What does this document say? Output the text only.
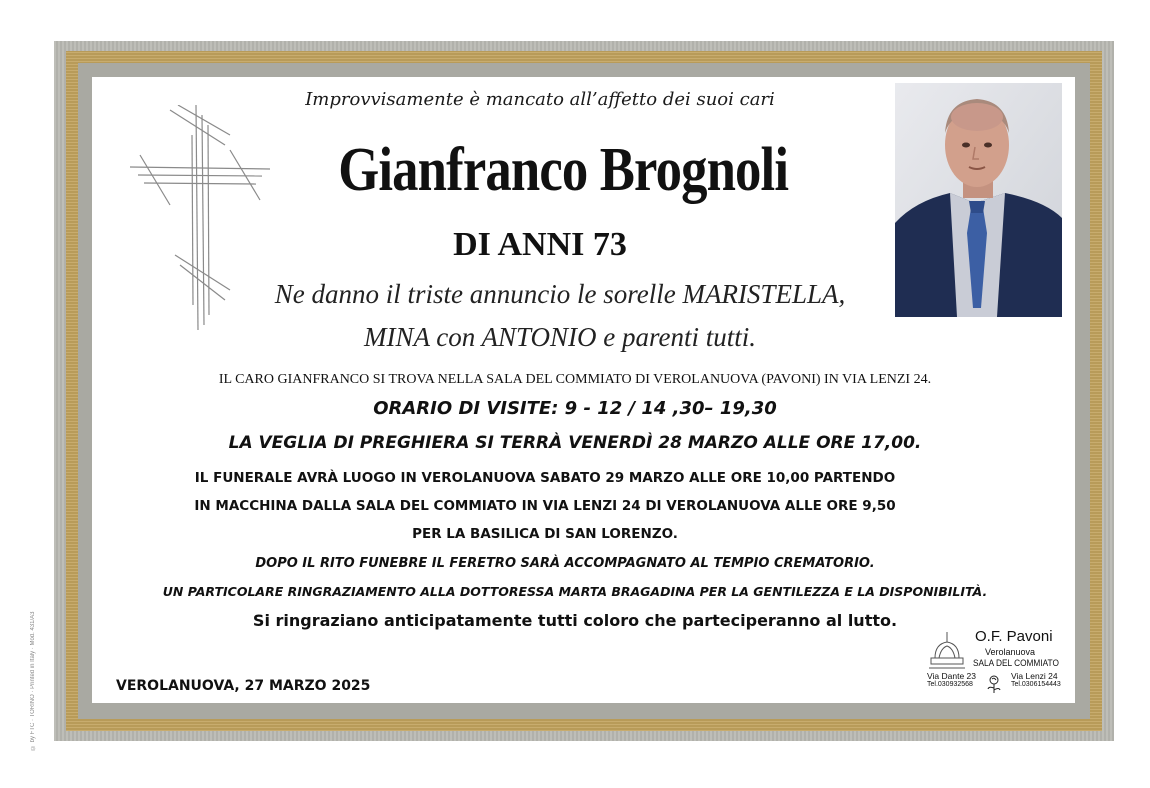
© by FTC · TORINO · Printed in Italy · Mod. 431/A3
Improvvisamente è mancato all’affetto dei suoi cari
Gianfranco Brognoli
DI ANNI 73
Ne danno il triste annuncio le sorelle MARISTELLA,
MINA con ANTONIO e parenti tutti.
IL CARO GIANFRANCO SI TROVA NELLA SALA DEL COMMIATO DI VEROLANUOVA (PAVONI) IN VIA LENZI 24.
ORARIO DI VISITE: 9 - 12 / 14 ,30– 19,30
LA VEGLIA DI PREGHIERA SI TERRÀ VENERDÌ 28 MARZO ALLE ORE 17,00.
IL FUNERALE AVRÀ LUOGO IN VEROLANUOVA SABATO 29 MARZO ALLE ORE 10,00 PARTENDO
IN MACCHINA DALLA SALA DEL COMMIATO IN VIA LENZI 24 DI VEROLANUOVA ALLE ORE 9,50
PER LA BASILICA DI SAN LORENZO.
DOPO IL RITO FUNEBRE IL FERETRO SARÀ ACCOMPAGNATO AL TEMPIO CREMATORIO.
UN PARTICOLARE RINGRAZIAMENTO ALLA DOTTORESSA MARTA BRAGADINA PER LA GENTILEZZA E LA DISPONIBILITÀ.
Si ringraziano anticipatamente tutti coloro che parteciperanno al lutto.
VEROLANUOVA, 27 MARZO 2025
O.F. Pavoni
Verolanuova
SALA DEL COMMIATO
Via Dante 23
Tel.030932568
Via Lenzi 24
Tel.0306154443
